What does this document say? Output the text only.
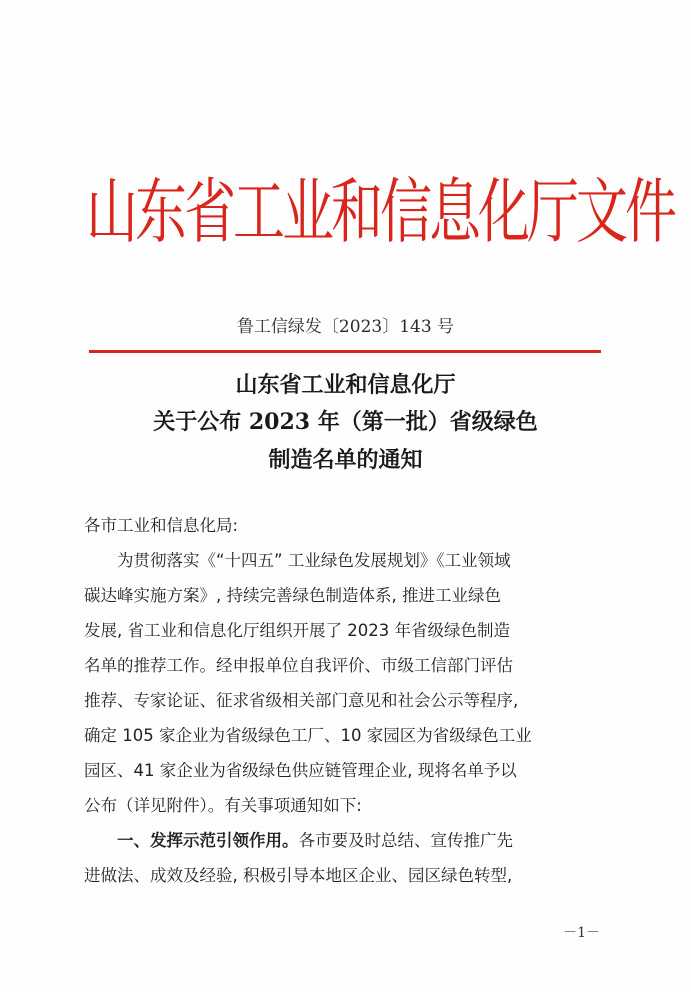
山东省工业和信息化厅文件
鲁工信绿发〔2023〕143 号
山东省工业和信息化厅
关于公布 2023 年（第一批）省级绿色
制造名单的通知
各市工业和信息化局:
　　为贯彻落实《“十四五” 工业绿色发展规划》《工业领域
碳达峰实施方案》, 持续完善绿色制造体系, 推进工业绿色
发展, 省工业和信息化厅组织开展了 2023 年省级绿色制造
名单的推荐工作。经申报单位自我评价、市级工信部门评估
推荐、专家论证、征求省级相关部门意见和社会公示等程序,
确定 105 家企业为省级绿色工厂、10 家园区为省级绿色工业
园区、41 家企业为省级绿色供应链管理企业, 现将名单予以
公布（详见附件）。有关事项通知如下:
　　一、发挥示范引领作用。各市要及时总结、宣传推广先
进做法、成效及经验, 积极引导本地区企业、园区绿色转型,
－1－
